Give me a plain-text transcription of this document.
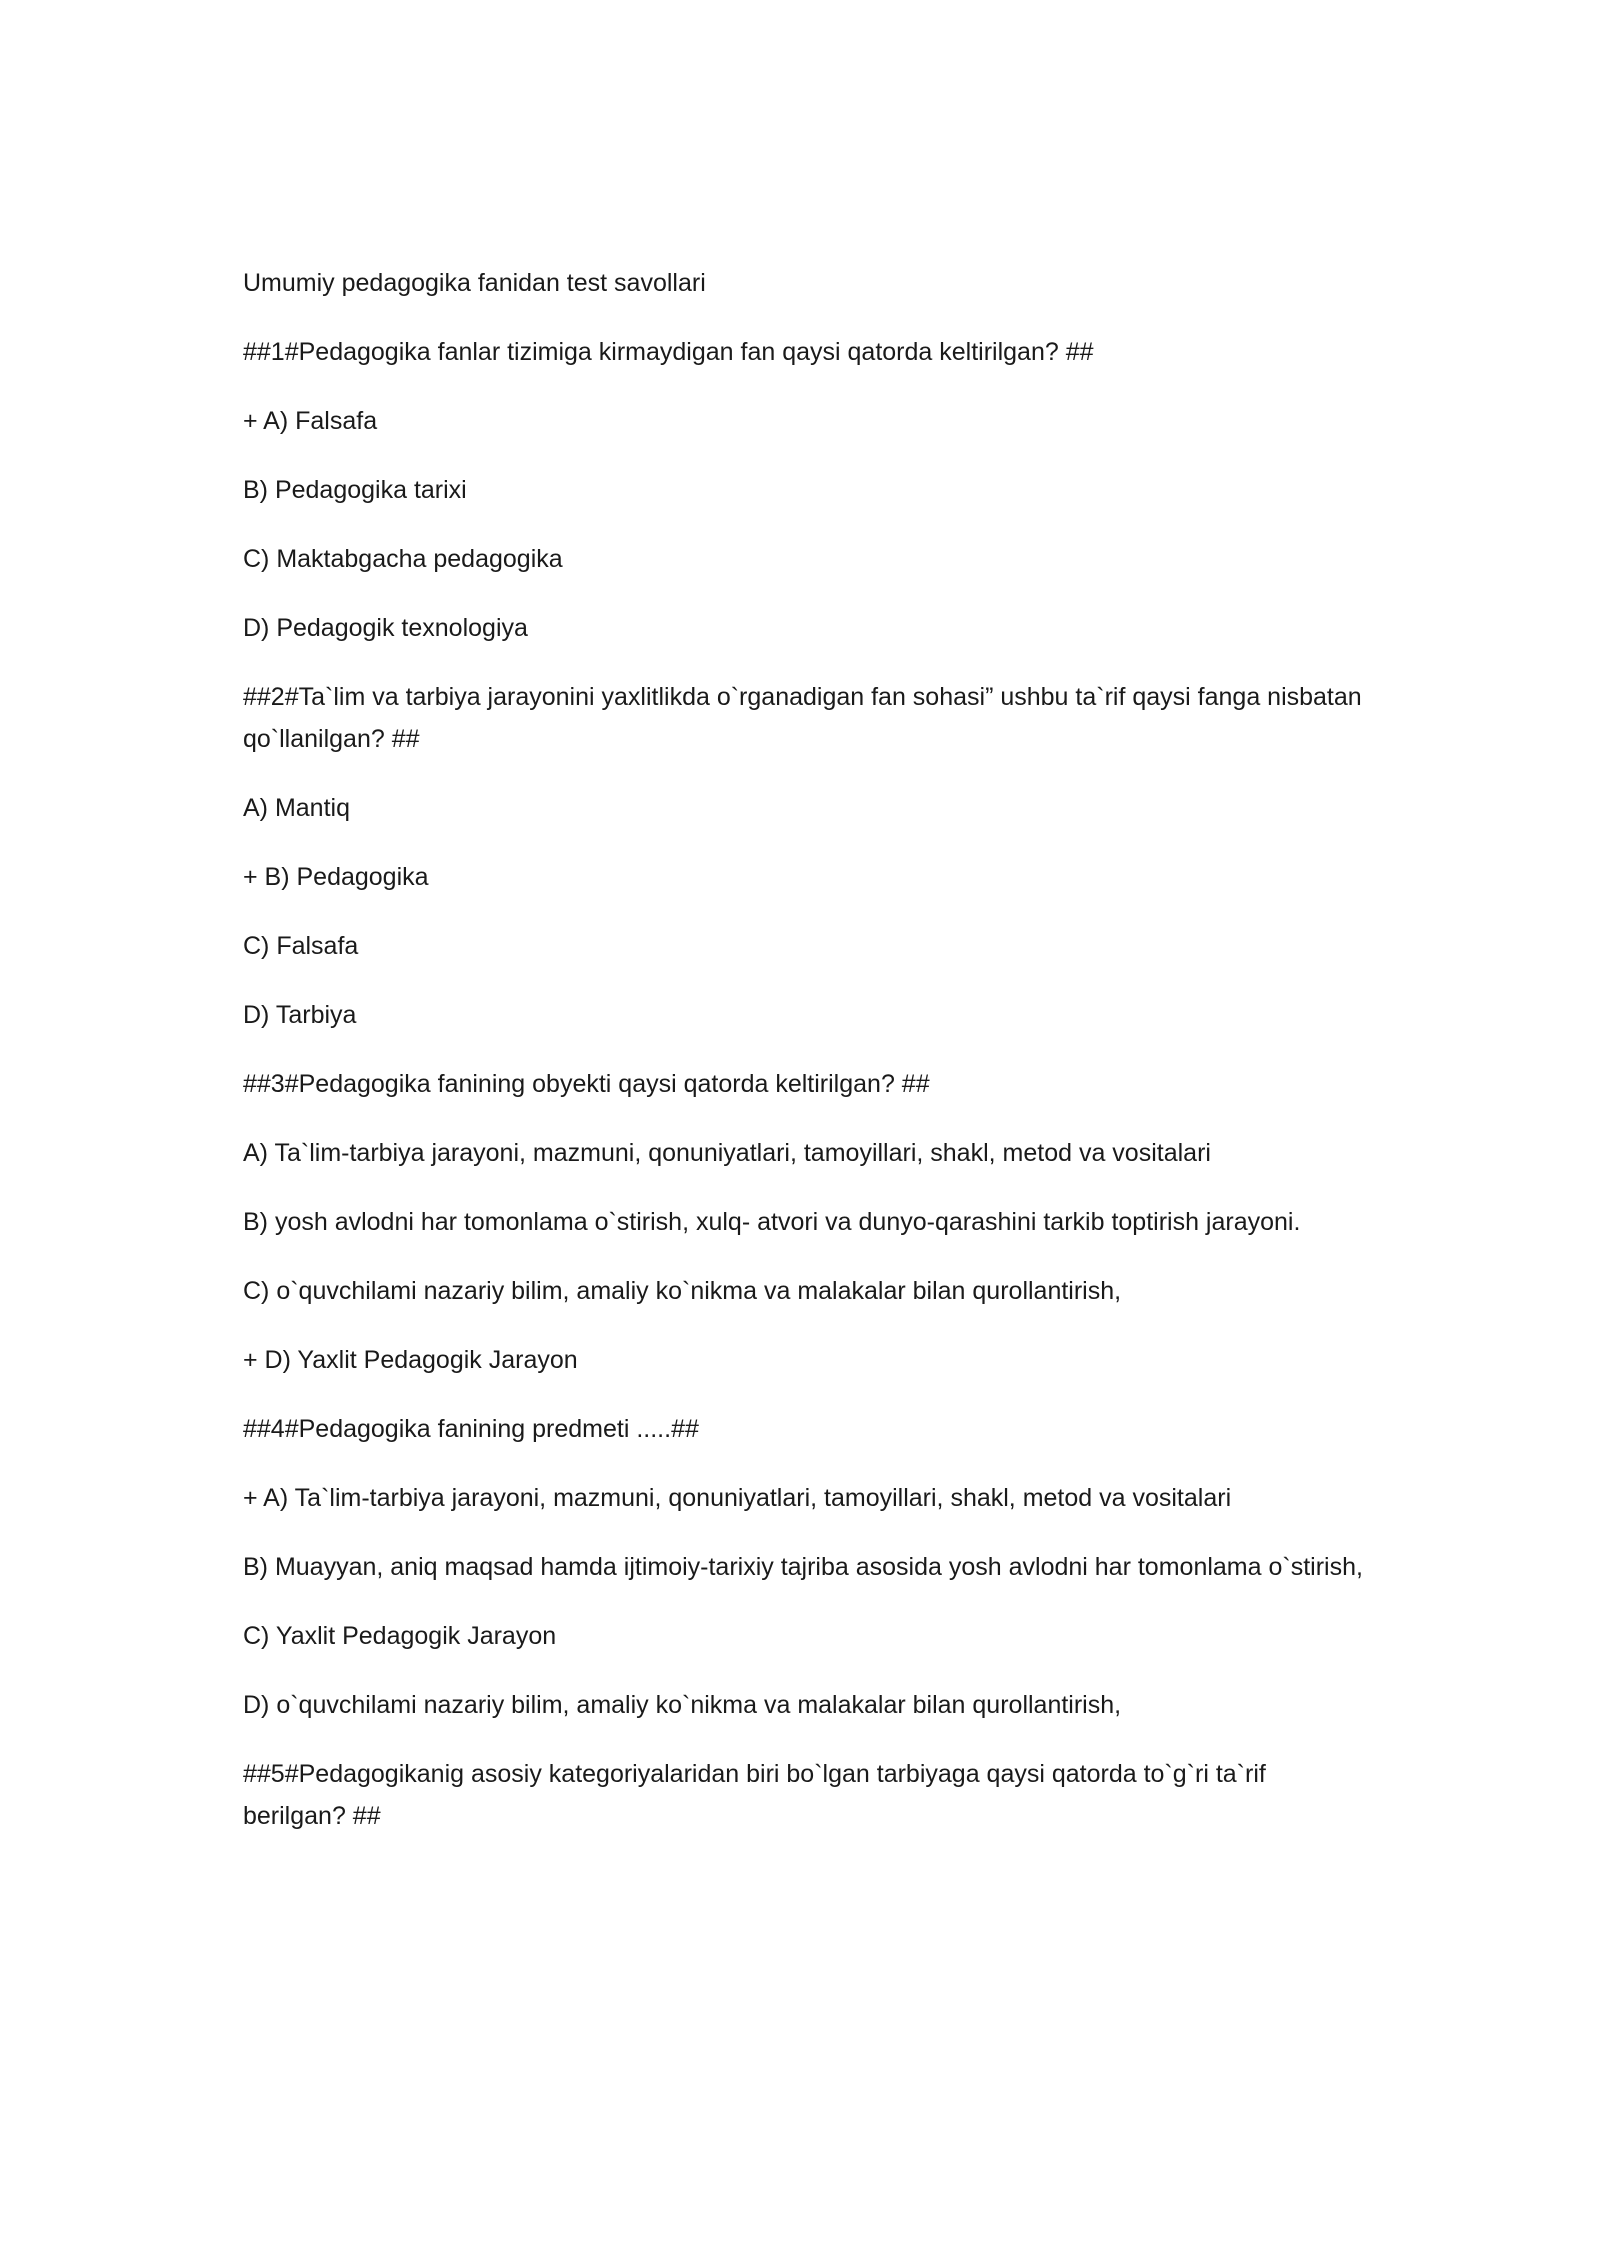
Umumiy pedagogika fanidan test savollari

##1#Pedagogika fanlar tizimiga kirmaydigan fan qaysi qatorda keltirilgan? ##

+ A) Falsafa

B) Pedagogika tarixi

C) Maktabgacha pedagogika

D) Pedagogik texnologiya

##2#Ta`lim va tarbiya jarayonini yaxlitlikda o`rganadigan fan sohasi” ushbu ta`rif qaysi fanga nisbatan qo`llanilgan? ##

A) Mantiq

+ B) Pedagogika

C) Falsafa

D) Tarbiya

##3#Pedagogika fanining obyekti qaysi qatorda keltirilgan? ##

A) Ta`lim-tarbiya jarayoni, mazmuni, qonuniyatlari, tamoyillari, shakl, metod va vositalari

B) yosh avlodni har tomonlama o`stirish, xulq- atvori va dunyo-qarashini tarkib toptirish jarayoni.

C) o`quvchilami nazariy bilim, amaliy ko`nikma va malakalar bilan qurollantirish,

+ D) Yaxlit Pedagogik Jarayon

##4#Pedagogika fanining predmeti .....##

+ A) Ta`lim-tarbiya jarayoni, mazmuni, qonuniyatlari, tamoyillari, shakl, metod va vositalari

B) Muayyan, aniq maqsad hamda ijtimoiy-tarixiy tajriba asosida yosh avlodni har tomonlama o`stirish,

C) Yaxlit Pedagogik Jarayon

D) o`quvchilami nazariy bilim, amaliy ko`nikma va malakalar bilan qurollantirish,

##5#Pedagogikanig asosiy kategoriyalaridan biri bo`lgan tarbiyaga qaysi qatorda to`g`ri ta`rif berilgan? ##
